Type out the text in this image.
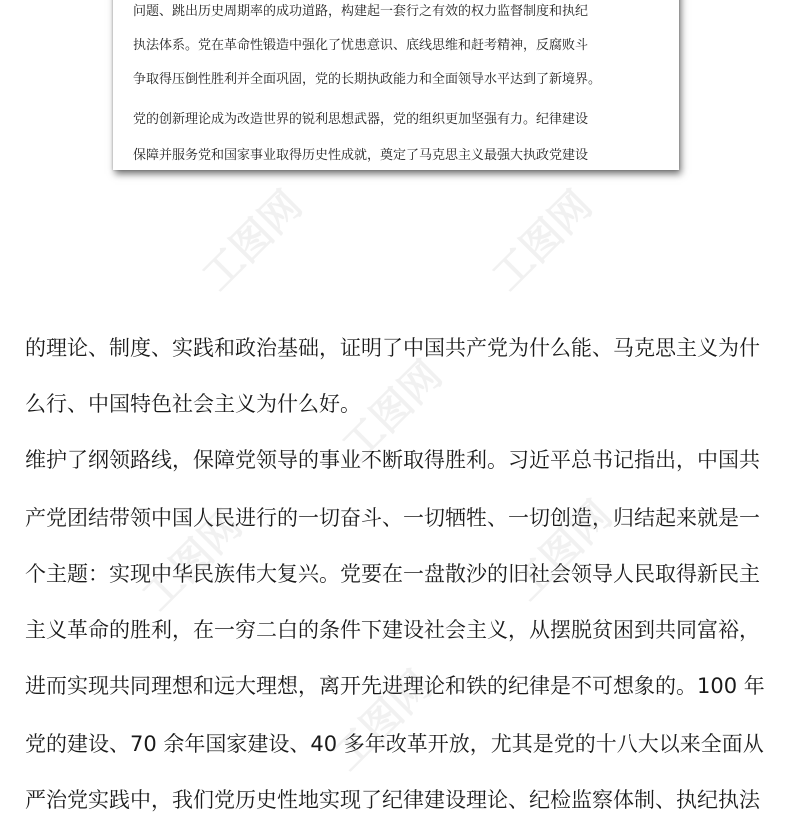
问题、跳出历史周期率的成功道路，构建起一套行之有效的权力监督制度和执纪
执法体系。党在革命性锻造中强化了忧患意识、底线思维和赶考精神，反腐败斗
争取得压倒性胜利并全面巩固，党的长期执政能力和全面领导水平达到了新境界。
党的创新理论成为改造世界的锐利思想武器，党的组织更加坚强有力。纪律建设
保障并服务党和国家事业取得历史性成就，奠定了马克思主义最强大执政党建设
的理论、制度、实践和政治基础，证明了中国共产党为什么能、马克思主义为什
么行、中国特色社会主义为什么好。
维护了纲领路线，保障党领导的事业不断取得胜利。习近平总书记指出，中国共
产党团结带领中国人民进行的一切奋斗、一切牺牲、一切创造，归结起来就是一
个主题：实现中华民族伟大复兴。党要在一盘散沙的旧社会领导人民取得新民主
主义革命的胜利，在一穷二白的条件下建设社会主义，从摆脱贫困到共同富裕，
进而实现共同理想和远大理想，离开先进理论和铁的纪律是不可想象的。100 年
党的建设、70 余年国家建设、40 多年改革开放，尤其是党的十八大以来全面从
严治党实践中，我们党历史性地实现了纪律建设理论、纪检监察体制、执纪执法
工图网	工图网
工图网
工图网	工图网
工图网
